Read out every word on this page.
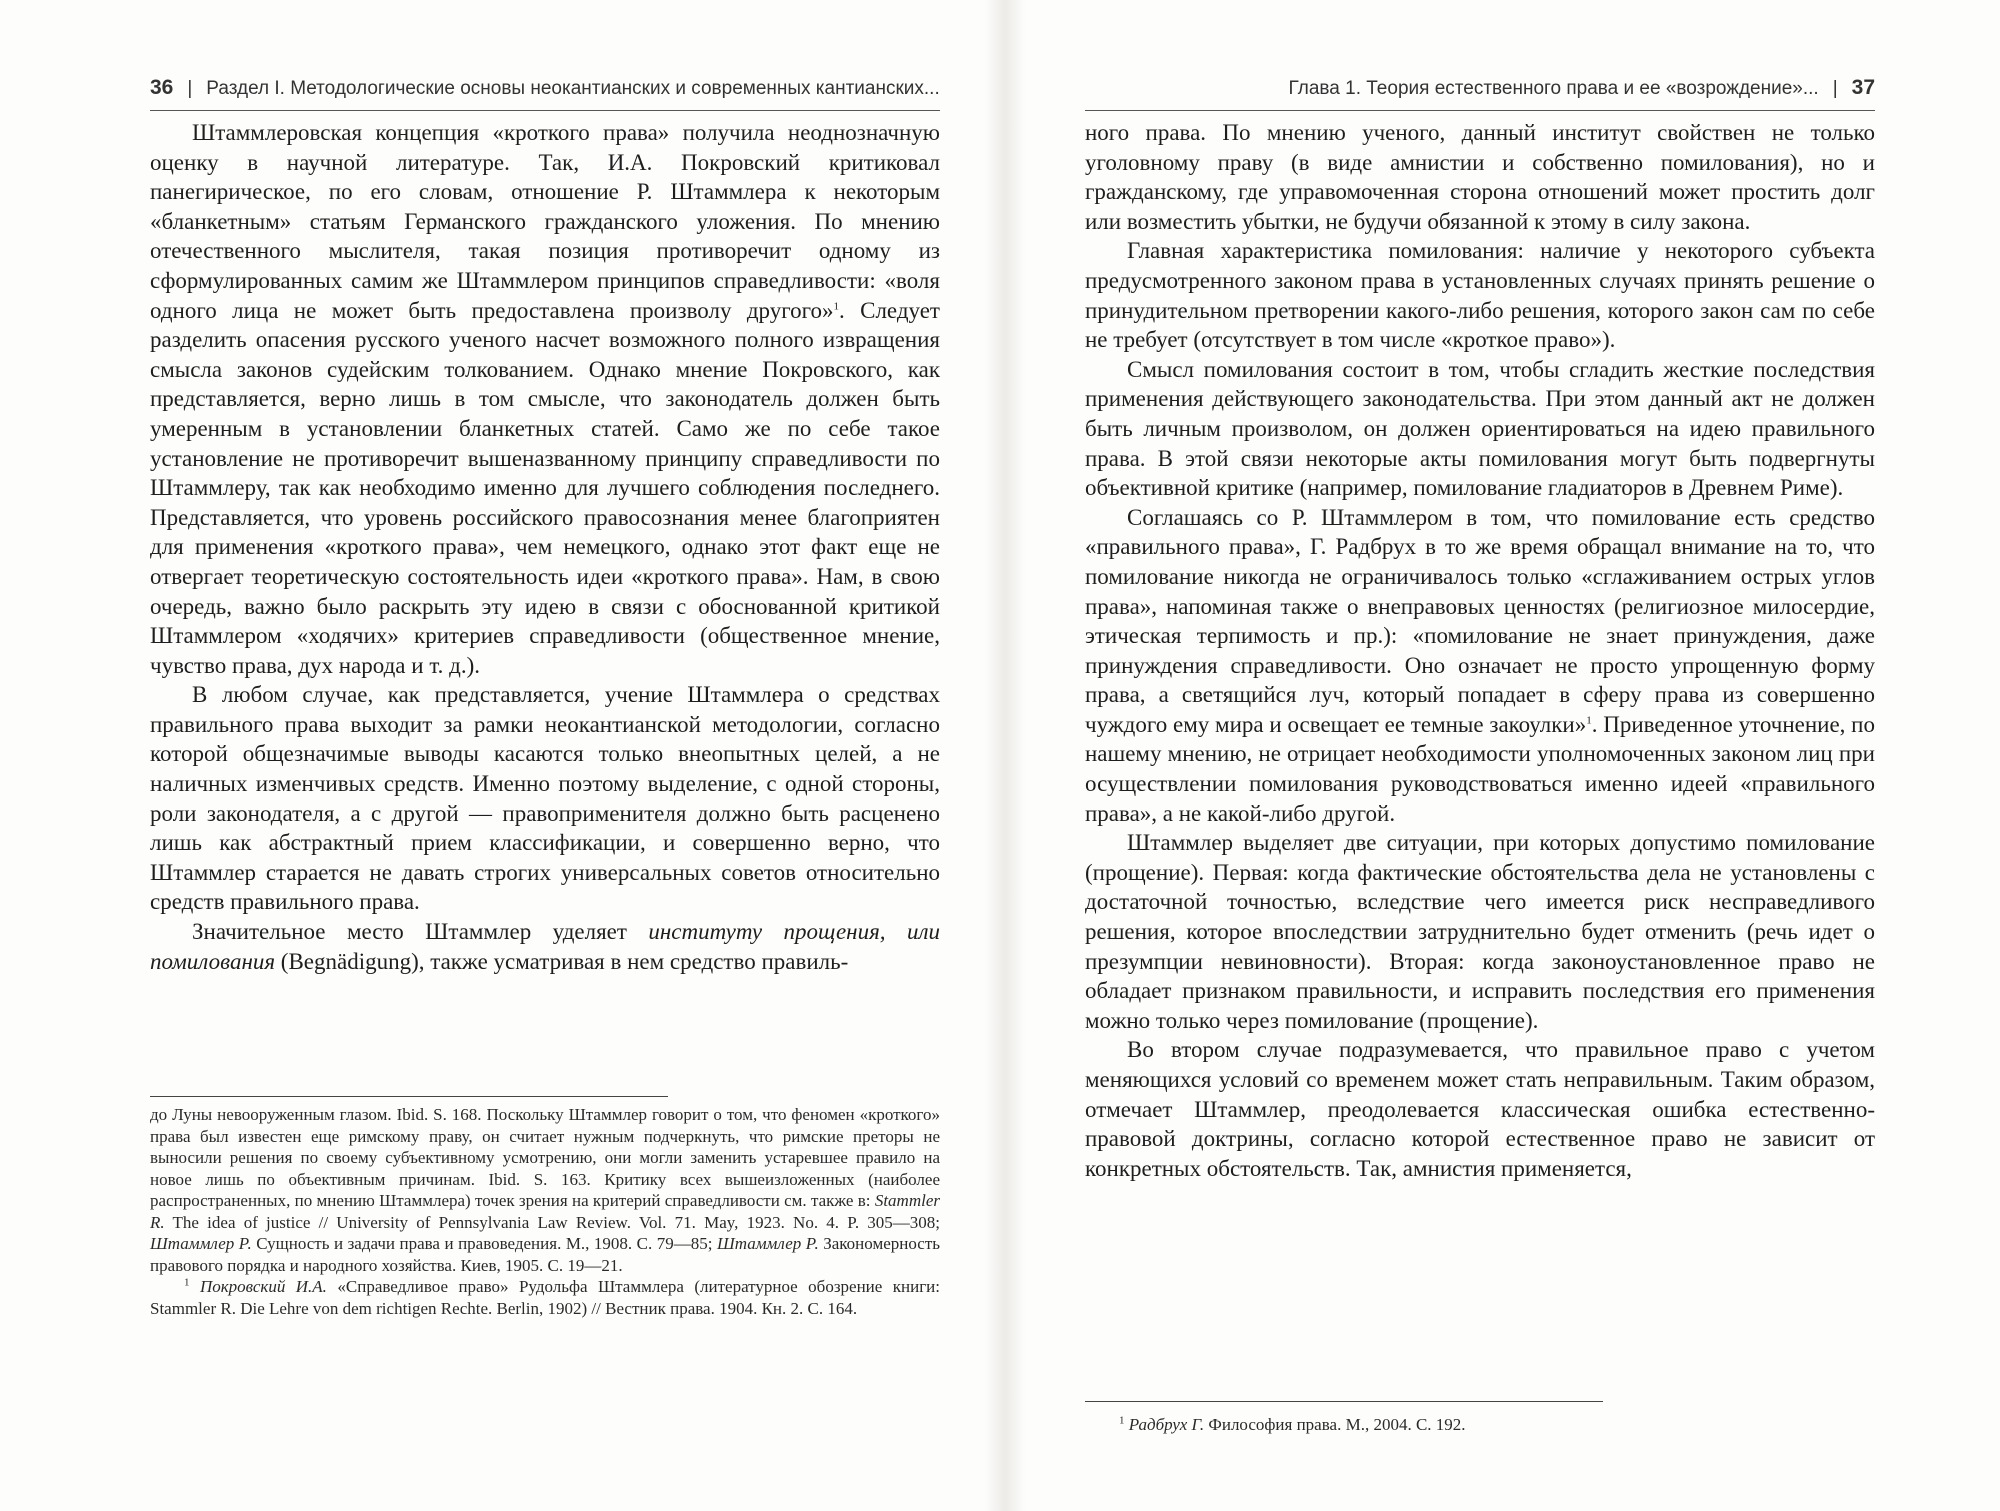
36 | Раздел I. Методологические основы неокантианских и современных кантианских...

Штаммлеровская концепция «кроткого права» получила неоднозначную оценку в научной литературе. Так, И.А. Покровский критиковал панегирическое, по его словам, отношение Р. Штаммлера к некоторым «бланкетным» статьям Германского гражданского уложения. По мнению отечественного мыслителя, такая позиция противоречит одному из сформулированных самим же Штаммлером принципов справедливости: «воля одного лица не может быть предоставлена произволу другого»$^1$. Следует разделить опасения русского ученого насчет возможного полного извращения смысла законов судейским толкованием. Однако мнение Покровского, как представляется, верно лишь в том смысле, что законодатель должен быть умеренным в установлении бланкетных статей. Само же по себе такое установление не противоречит вышеназванному принципу справедливости по Штаммлеру, так как необходимо именно для лучшего соблюдения последнего. Представляется, что уровень российского правосознания менее благоприятен для применения «кроткого права», чем немецкого, однако этот факт еще не отвергает теоретическую состоятельность идеи «кроткого права». Нам, в свою очередь, важно было раскрыть эту идею в связи с обоснованной критикой Штаммлером «ходячих» критериев справедливости (общественное мнение, чувство права, дух народа и т. д.).

В любом случае, как представляется, учение Штаммлера о средствах правильного права выходит за рамки неокантианской методологии, согласно которой общезначимые выводы касаются только внеопытных целей, а не наличных изменчивых средств. Именно поэтому выделение, с одной стороны, роли законодателя, а с другой — правоприменителя должно быть расценено лишь как абстрактный прием классификации, и совершенно верно, что Штаммлер старается не давать строгих универсальных советов относительно средств правильного права.

Значительное место Штаммлер уделяет институту прощения, или помилования (Begnädigung), также усматривая в нем средство правиль-

до Луны невооруженным глазом. Ibid. S. 168. Поскольку Штаммлер говорит о том, что феномен «кроткого» права был известен еще римскому праву, он считает нужным подчеркнуть, что римские преторы не выносили решения по своему субъективному усмотрению, они могли заменить устаревшее правило на новое лишь по объективным причинам. Ibid. S. 163. Критику всех вышеизложенных (наиболее распространенных, по мнению Штаммлера) точек зрения на критерий справедливости см. также в: Stammler R. The idea of justice // University of Pennsylvania Law Review. Vol. 71. May, 1923. No. 4. P. 305—308; Штаммлер Р. Сущность и задачи права и правоведения. М., 1908. С. 79—85; Штаммлер Р. Закономерность правового порядка и народного хозяйства. Киев, 1905. С. 19—21.

$^1$ Покровский И.А. «Справедливое право» Рудольфа Штаммлера (литературное обозрение книги: Stammler R. Die Lehre von dem richtigen Rechte. Berlin, 1902) // Вестник права. 1904. Кн. 2. С. 164.

Глава 1. Теория естественного права и ее «возрождение»... | 37

ного права. По мнению ученого, данный институт свойствен не только уголовному праву (в виде амнистии и собственно помилования), но и гражданскому, где управомоченная сторона отношений может простить долг или возместить убытки, не будучи обязанной к этому в силу закона.

Главная характеристика помилования: наличие у некоторого субъекта предусмотренного законом права в установленных случаях принять решение о принудительном претворении какого-либо решения, которого закон сам по себе не требует (отсутствует в том числе «кроткое право»).

Смысл помилования состоит в том, чтобы сгладить жесткие последствия применения действующего законодательства. При этом данный акт не должен быть личным произволом, он должен ориентироваться на идею правильного права. В этой связи некоторые акты помилования могут быть подвергнуты объективной критике (например, помилование гладиаторов в Древнем Риме).

Соглашаясь со Р. Штаммлером в том, что помилование есть средство «правильного права», Г. Радбрух в то же время обращал внимание на то, что помилование никогда не ограничивалось только «сглаживанием острых углов права», напоминая также о внеправовых ценностях (религиозное милосердие, этическая терпимость и пр.): «помилование не знает принуждения, даже принуждения справедливости. Оно означает не просто упрощенную форму права, а светящийся луч, который попадает в сферу права из совершенно чуждого ему мира и освещает ее темные закоулки»$^1$. Приведенное уточнение, по нашему мнению, не отрицает необходимости уполномоченных законом лиц при осуществлении помилования руководствоваться именно идеей «правильного права», а не какой-либо другой.

Штаммлер выделяет две ситуации, при которых допустимо помилование (прощение). Первая: когда фактические обстоятельства дела не установлены с достаточной точностью, вследствие чего имеется риск несправедливого решения, которое впоследствии затруднительно будет отменить (речь идет о презумпции невиновности). Вторая: когда законоустановленное право не обладает признаком правильности, и исправить последствия его применения можно только через помилование (прощение).

Во втором случае подразумевается, что правильное право с учетом меняющихся условий со временем может стать неправильным. Таким образом, отмечает Штаммлер, преодолевается классическая ошибка естественно-правовой доктрины, согласно которой естественное право не зависит от конкретных обстоятельств. Так, амнистия применяется,

$^1$ Радбрух Г. Философия права. М., 2004. С. 192.
